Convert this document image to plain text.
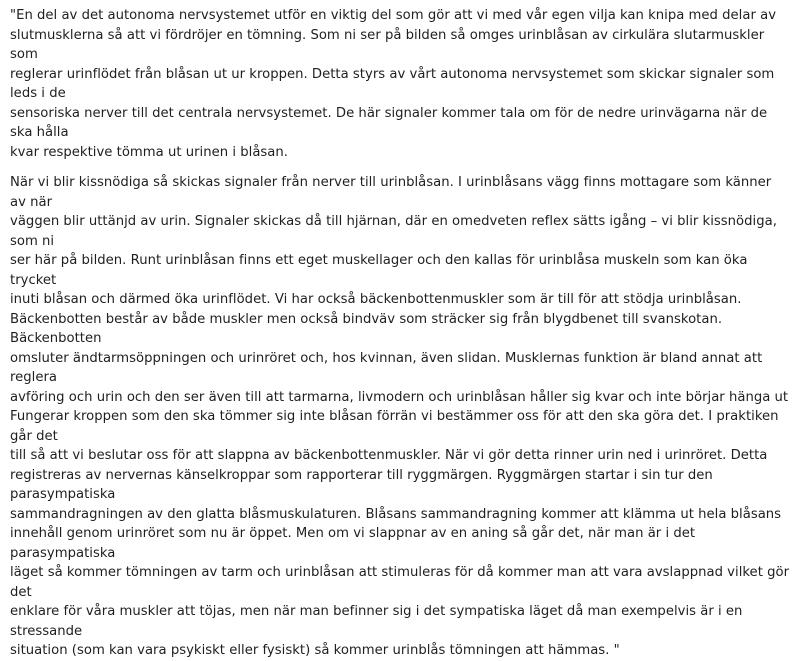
"En del av det autonoma nervsystemet utför en viktig del som gör att vi med vår egen vilja kan knipa med delar av
slutmusklerna så att vi fördröjer en tömning. Som ni ser på bilden så omges urinblåsan av cirkulära slutarmuskler som
reglerar urinflödet från blåsan ut ur kroppen. Detta styrs av vårt autonoma nervsystemet som skickar signaler som leds i de
sensoriska nerver till det centrala nervsystemet. De här signaler kommer tala om för de nedre urinvägarna när de ska hålla
kvar respektive tömma ut urinen i blåsan.

När vi blir kissnödiga så skickas signaler från nerver till urinblåsan. I urinblåsans vägg finns mottagare som känner av när
väggen blir uttänjd av urin. Signaler skickas då till hjärnan, där en omedveten reflex sätts igång – vi blir kissnödiga, som ni
ser här på bilden. Runt urinblåsan finns ett eget muskellager och den kallas för urinblåsa muskeln som kan öka trycket
inuti blåsan och därmed öka urinflödet. Vi har också bäckenbottenmuskler som är till för att stödja urinblåsan.
Bäckenbotten består av både muskler men också bindväv som sträcker sig från blygdbenet till svanskotan. Bäckenbotten
omsluter ändtarmsöppningen och urinröret och, hos kvinnan, även slidan. Musklernas funktion är bland annat att reglera
avföring och urin och den ser även till att tarmarna, livmodern och urinblåsan håller sig kvar och inte börjar hänga ut
Fungerar kroppen som den ska tömmer sig inte blåsan förrän vi bestämmer oss för att den ska göra det. I praktiken går det
till så att vi beslutar oss för att slappna av bäckenbottenmuskler. När vi gör detta rinner urin ned i urinröret. Detta
registreras av nervernas känselkroppar som rapporterar till ryggmärgen. Ryggmärgen startar i sin tur den parasympatiska
sammandragningen av den glatta blåsmuskulaturen. Blåsans sammandragning kommer att klämma ut hela blåsans
innehåll genom urinröret som nu är öppet. Men om vi slappnar av en aning så går det, när man är i det parasympatiska
läget så kommer tömningen av tarm och urinblåsan att stimuleras för då kommer man att vara avslappnad vilket gör det
enklare för våra muskler att töjas, men när man befinner sig i det sympatiska läget då man exempelvis är i en stressande
situation (som kan vara psykiskt eller fysiskt) så kommer urinblås tömningen att hämmas. "
